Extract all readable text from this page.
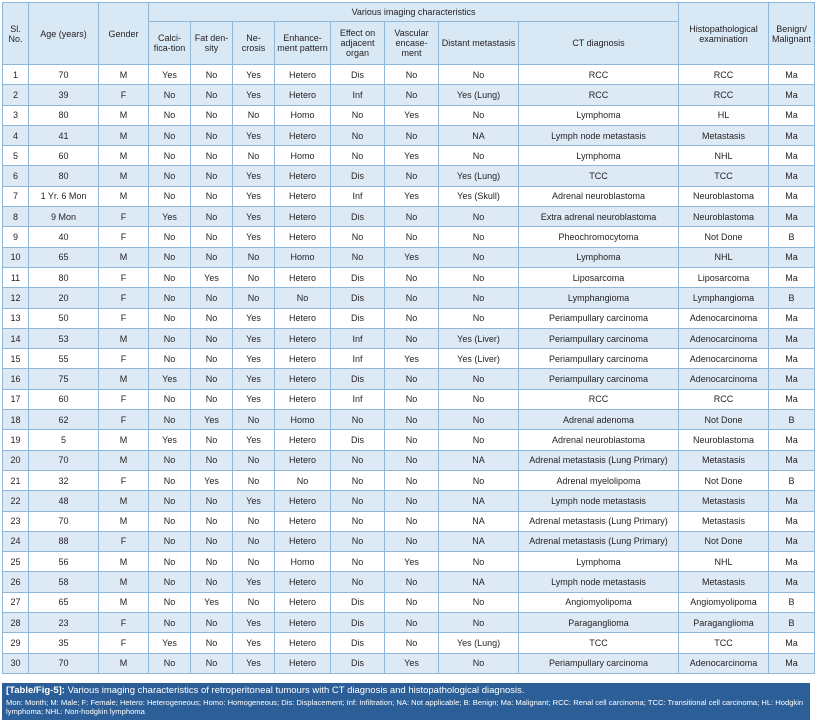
Sl. No.	Age (years)	Gender	Various imaging characteristics								Histopathological examination	Benign/ Malignant
			Calci-fica-tion	Fat den-sity	Ne-crosis	Enhance-ment pattern	Effect on adjacent organ	Vascular encase-ment	Distant metastasis	CT diagnosis		
1	70	M	Yes	No	Yes	Hetero	Dis	No	No	RCC	RCC	Ma
2	39	F	No	No	Yes	Hetero	Inf	No	Yes (Lung)	RCC	RCC	Ma
3	80	M	No	No	No	Homo	No	Yes	No	Lymphoma	HL	Ma
4	41	M	No	No	Yes	Hetero	No	No	NA	Lymph node metastasis	Metastasis	Ma
5	60	M	No	No	No	Homo	No	Yes	No	Lymphoma	NHL	Ma
6	80	M	No	No	Yes	Hetero	Dis	No	Yes (Lung)	TCC	TCC	Ma
7	1 Yr. 6 Mon	M	No	No	Yes	Hetero	Inf	Yes	Yes (Skull)	Adrenal neuroblastoma	Neuroblastoma	Ma
8	9 Mon	F	Yes	No	Yes	Hetero	Dis	No	No	Extra adrenal neuroblastoma	Neuroblastoma	Ma
9	40	F	No	No	Yes	Hetero	No	No	No	Pheochromocytoma	Not Done	B
10	65	M	No	No	No	Homo	No	Yes	No	Lymphoma	NHL	Ma
11	80	F	No	Yes	No	Hetero	Dis	No	No	Liposarcoma	Liposarcoma	Ma
12	20	F	No	No	No	No	Dis	No	No	Lymphangioma	Lymphangioma	B
13	50	F	No	No	Yes	Hetero	Dis	No	No	Periampullary carcinoma	Adenocarcinoma	Ma
14	53	M	No	No	Yes	Hetero	Inf	No	Yes (Liver)	Periampullary carcinoma	Adenocarcinoma	Ma
15	55	F	No	No	Yes	Hetero	Inf	Yes	Yes (Liver)	Periampullary carcinoma	Adenocarcinoma	Ma
16	75	M	Yes	No	Yes	Hetero	Dis	No	No	Periampullary carcinoma	Adenocarcinoma	Ma
17	60	F	No	No	Yes	Hetero	Inf	No	No	RCC	RCC	Ma
18	62	F	No	Yes	No	Homo	No	No	No	Adrenal adenoma	Not Done	B
19	5	M	Yes	No	Yes	Hetero	Dis	No	No	Adrenal neuroblastoma	Neuroblastoma	Ma
20	70	M	No	No	No	Hetero	No	No	NA	Adrenal metastasis (Lung Primary)	Metastasis	Ma
21	32	F	No	Yes	No	No	No	No	No	Adrenal myelolipoma	Not Done	B
22	48	M	No	No	Yes	Hetero	No	No	NA	Lymph node metastasis	Metastasis	Ma
23	70	M	No	No	No	Hetero	No	No	NA	Adrenal metastasis (Lung Primary)	Metastasis	Ma
24	88	F	No	No	No	Hetero	No	No	NA	Adrenal metastasis (Lung Primary)	Not Done	Ma
25	56	M	No	No	No	Homo	No	Yes	No	Lymphoma	NHL	Ma
26	58	M	No	No	Yes	Hetero	No	No	NA	Lymph node metastasis	Metastasis	Ma
27	65	M	No	Yes	No	Hetero	Dis	No	No	Angiomyolipoma	Angiomyolipoma	B
28	23	F	No	No	Yes	Hetero	Dis	No	No	Paraganglioma	Paraganglioma	B
29	35	F	Yes	No	Yes	Hetero	Dis	No	Yes (Lung)	TCC	TCC	Ma
30	70	M	No	No	Yes	Hetero	Dis	Yes	No	Periampullary carcinoma	Adenocarcinoma	Ma
[Table/Fig-5]: Various imaging characteristics of retroperitoneal tumours with CT diagnosis and histopathological diagnosis.
Mon: Month; M: Male; F: Female; Hetero: Heterogeneous; Homo: Homogeneous; Dis: Displacement; Inf: Infiltration; NA: Not applicable; B: Benign; Ma: Malignant; RCC: Renal cell carcinoma; TCC: Transitional cell carcinoma; HL: Hodgkin lymphoma; NHL: Non-hodgkin lymphoma
